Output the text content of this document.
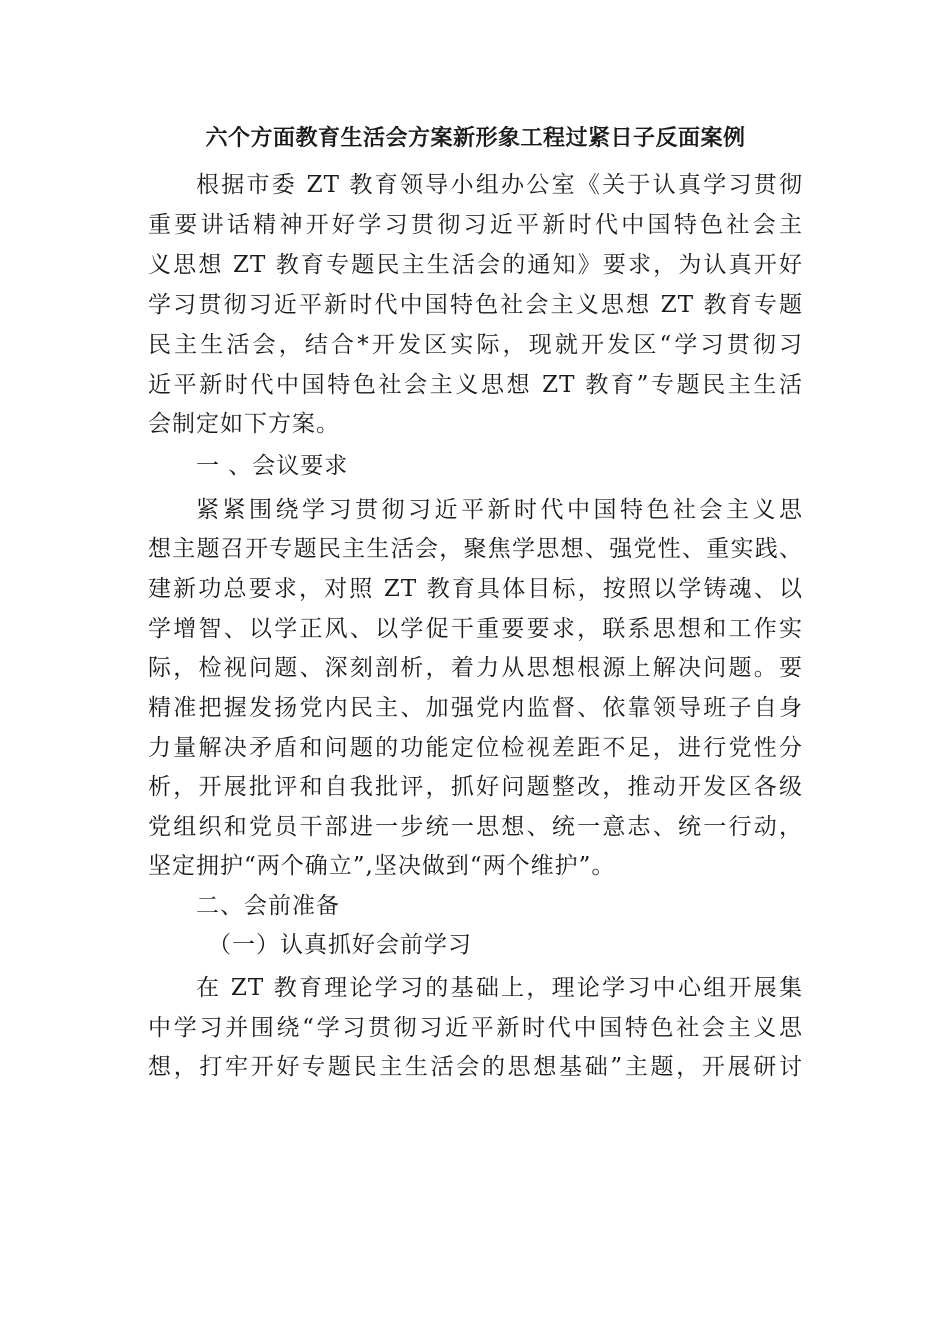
六个方面教育生活会方案新形象工程过紧日子反面案例
根据市委 ZT 教育领导小组办公室《关于认真学习贯彻
重要讲话精神开好学习贯彻习近平新时代中国特色社会主
义思想 ZT 教育专题民主生活会的通知》要求，为认真开好
学习贯彻习近平新时代中国特色社会主义思想 ZT 教育专题
民主生活会，结合*开发区实际，现就开发区“学习贯彻习
近平新时代中国特色社会主义思想 ZT 教育”专题民主生活
会制定如下方案。
一 、会议要求
紧紧围绕学习贯彻习近平新时代中国特色社会主义思
想主题召开专题民主生活会，聚焦学思想、强党性、重实践、
建新功总要求，对照 ZT 教育具体目标，按照以学铸魂、以
学增智、以学正风、以学促干重要要求，联系思想和工作实
际，检视问题、深刻剖析，着力从思想根源上解决问题。要
精准把握发扬党内民主、加强党内监督、依靠领导班子自身
力量解决矛盾和问题的功能定位检视差距不足，进行党性分
析，开展批评和自我批评，抓好问题整改，推动开发区各级
党组织和党员干部进一步统一思想、统一意志、统一行动，
坚定拥护“两个确立”,坚决做到“两个维护”。
二、会前准备
（一）认真抓好会前学习
在 ZT 教育理论学习的基础上，理论学习中心组开展集
中学习并围绕“学习贯彻习近平新时代中国特色社会主义思
想，打牢开好专题民主生活会的思想基础”主题，开展研讨
